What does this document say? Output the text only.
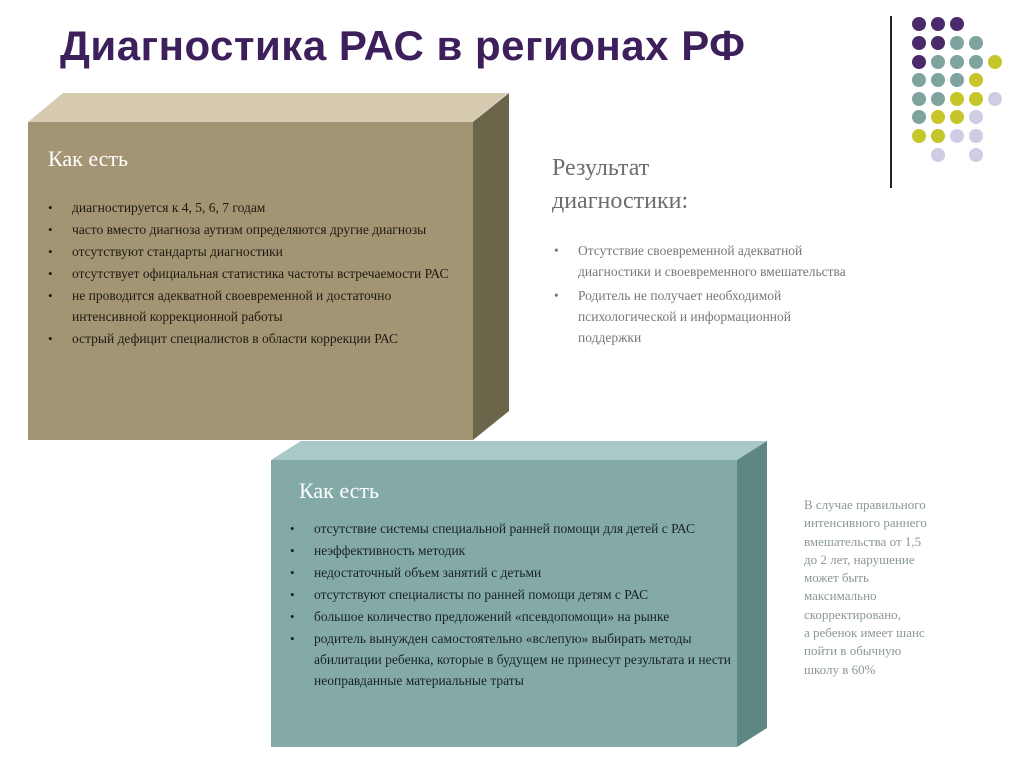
Диагностика РАС в регионах РФ
Как есть
• диагностируется к 4, 5, 6, 7 годам
• часто вместо диагноза аутизм определяются другие диагнозы
• отсутствуют стандарты диагностики
• отсутствует официальная статистика частоты встречаемости РАС
• не проводится адекватной своевременной и достаточно интенсивной коррекционной работы
• острый дефицит специалистов в области коррекции РАС
Результат
диагностики:
• Отсутствие своевременной адекватной диагностики и своевременного вмешательства
• Родитель не получает необходимой психологической и информационной поддержки
Как есть
• отсутствие системы специальной ранней помощи для детей с РАС
• неэффективность методик
• недостаточный объем занятий с детьми
• отсутствуют специалисты по ранней помощи детям с РАС
• большое количество предложений «псевдопомощи» на рынке
• родитель вынужден самостоятельно «вслепую» выбирать методы абилитации ребенка, которые в будущем не принесут результата и нести неоправданные материальные траты
В случае правильного
интенсивного раннего
вмешательства от 1,5
до 2 лет, нарушение
может быть
максимально
скорректировано,
а ребенок имеет шанс
пойти в обычную
школу в 60%
